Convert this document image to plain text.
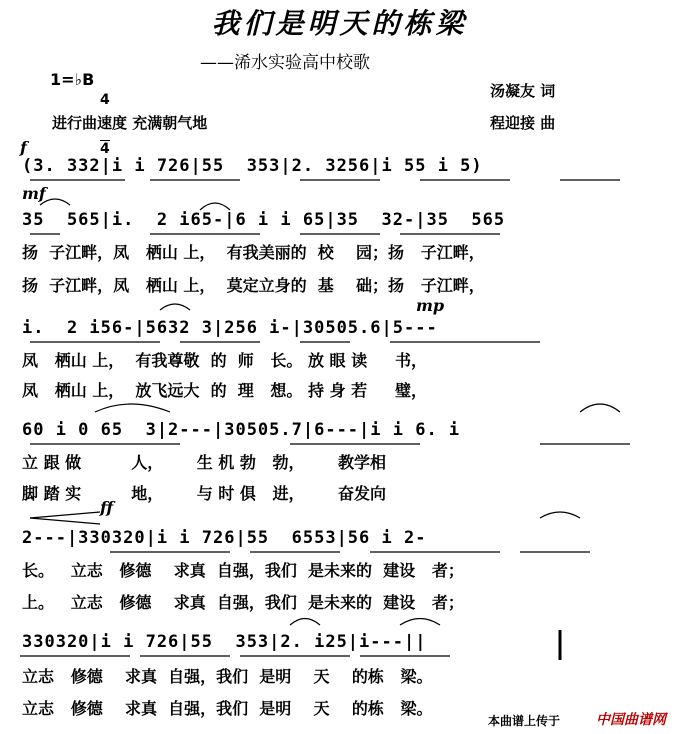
我们是明天的栋梁
——浠水实验高中校歌
1=♭B

4

4

汤凝友 词
进行曲速度 充满朝气地	程迎接 曲
f
mf
mp
ff
(3. 332|i i 726|55  353|2. 3256|i 55 i 5)
35  565|i.  2 i65-|6 i i 65|35  32-|35  565
扬  子江畔，凤   栖山 上，  有我美丽的  校    园；扬   子江畔，
扬  子江畔，凤   栖山 上，  莫定立身的  基    础；扬   子江畔，
i.  2 i56-|5632 3|256 i-|30505.6|5---
凤   栖山 上，  有我尊敬  的  师   长。 放 眼 读     书，
凤   栖山 上，  放飞远大  的  理   想。 持 身 若     璧，
60 i 0 65  3|2---|30505.7|6---|i i 6. i
立 跟 做         人，      生 机 勃   勃，      教学相
脚 踏 实         地，      与 时 俱   进，      奋发向
2---|330320|i i 726|55  6553|56 i 2-
长。   立志   修德    求真  自强，我们  是未来的  建设   者；
上。   立志   修德    求真  自强，我们  是未来的  建设   者；
330320|i i 726|55  353|2. i25|i---||
立志   修德    求真  自强，我们  是明    天    的栋   梁。
立志   修德    求真  自强，我们  是明    天    的栋   梁。
本曲谱上传于	中国曲谱网
